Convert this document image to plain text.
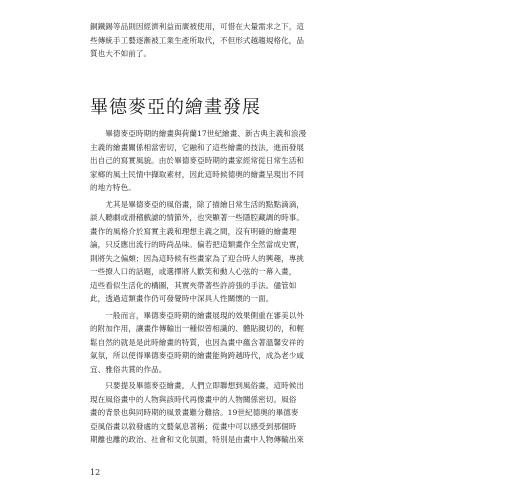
銅鐵錫等品則因經濟利益而廣被使用，可惜在大量需求之下，這
些傳統手工藝逐漸被工業生產所取代，不但形式越趨規格化，品
質也大不如前了。
畢德麥亞的繪畫發展
　　畢德麥亞時期的繪畫與荷蘭17世紀繪畫、新古典主義和浪漫
主義的繪畫關係相當密切，它融和了這些繪畫的技法，進而發展
出自己的寫實風貌。由於畢德麥亞時期的畫家經常從日常生活和
家鄉的風土民情中擷取素材，因此這時候德奧的繪畫呈現出不同
的地方特色。
　　尤其是畢德麥亞的風俗畫，除了描繪日常生活的點點滴滴，
談人聽劇或滑稽戲謔的情節外，也突顯著一些隱腔藏調的時事。
畫作的風格介於寫實主義和理想主義之間，沒有明確的繪畫理
論，只反應出流行的時尚品味。偏若把這類畫作全然當成史實，
則將失之偏頗；因為這時候有些畫家為了迎合時人的興趣，專挑
一些撩人口的話題，或選擇將人歡笑和動人心弦的一幕入畫，
這些看似生活化的構圖，其實夾帶著些許誇張的手法。儘管如
此，透過這類畫作仍可發覺時中深具人性關懷的一面。
　　一般而言，畢德麥亞時期的繪畫展現的效果側重在審美以外
的附加作用，讓畫作傳輸出一種似曾相識的、體貼親切的，和輕
鬆自然的就是是此時繪畫的特質，也因為畫中蘊含著溫馨安祥的
氣氛，所以使得畢德麥亞時期的繪畫能夠跨越時代，成為老少咸
宜、雅俗共賞的作品。
　　只要提及畢德麥亞繪畫，人們立即聯想到風俗畫，這時候出
現在風俗畫中的人物與該時代再像畫中的人物關係密切。風俗
畫的背景也與同時期的風景畫難分難捨。19世紀德奧的畢德麥
亞風俗畫以敘發處的文藝氣息著稱；從畫中可以感受到那個時
期離也離的政治、社會和文化氛圍，特別是由畫中人物傳輸出來

12
